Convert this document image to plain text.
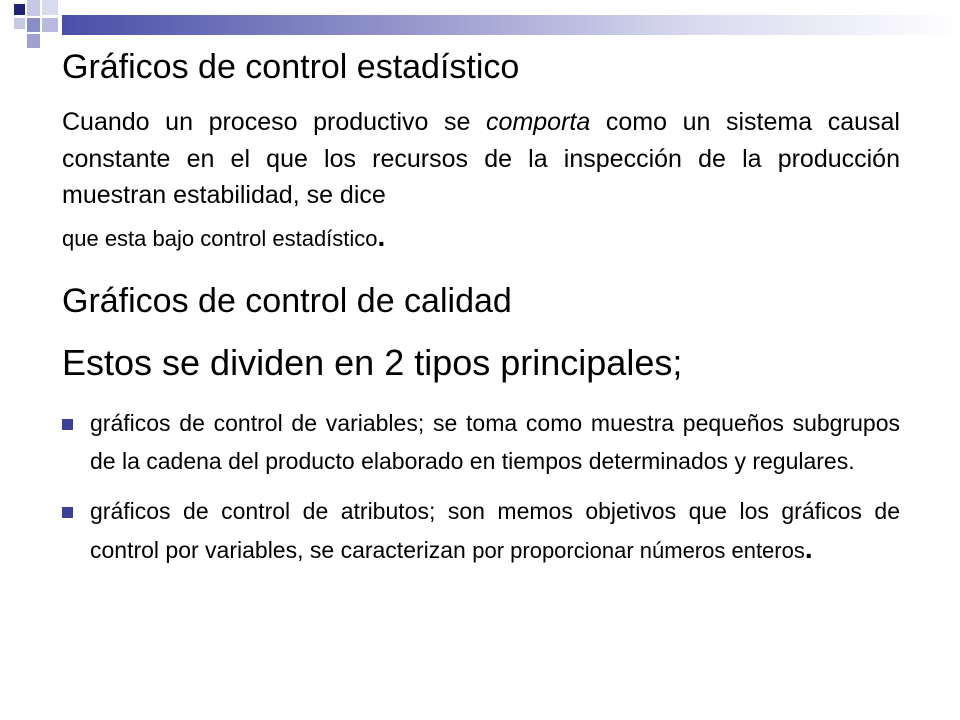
Gráficos de control estadístico

Cuando un proceso productivo se comporta como un sistema causal constante en el que los recursos de la inspección de la producción muestran estabilidad, se dice
que esta bajo control estadístico.

Gráficos de control de calidad
Estos se dividen en 2 tipos principales;
gráficos de control de variables; se toma como muestra pequeños subgrupos de la cadena del producto elaborado en tiempos determinados y regulares.
gráficos de control de atributos; son memos objetivos que los gráficos de control por variables, se caracterizan por proporcionar números enteros.
